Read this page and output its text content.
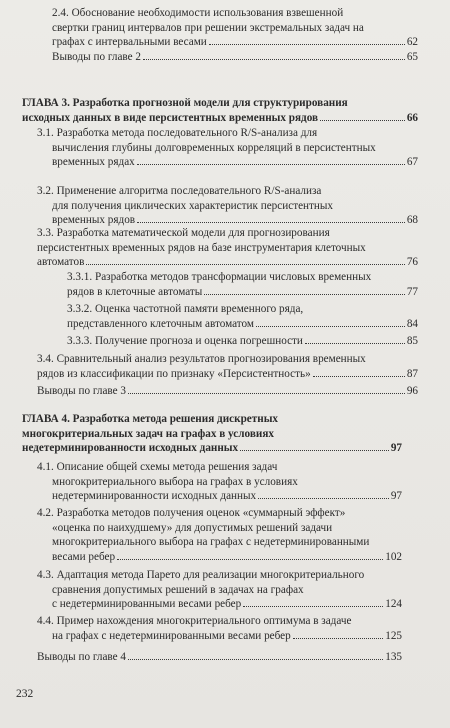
2.4. Обоснование необходимости использования взвешенной
свертки границ интервалов при решении экстремальных задач на
графах с интервальными весами	62
Выводы по главе 2	65
ГЛАВА 3. Разработка прогнозной модели для структурирования
исходных данных в виде персистентных временных рядов	66
3.1. Разработка метода последовательного R/S-анализа для
вычисления глубины долговременных корреляций в персистентных
временных рядах	67
3.2. Применение алгоритма последовательного R/S-анализа
для получения циклических характеристик персистентных
временных рядов	68
3.3. Разработка математической модели для прогнозирования
персистентных временных рядов на базе инструментария клеточных
автоматов	76
3.3.1. Разработка методов трансформации числовых временных
рядов в клеточные автоматы	77
3.3.2. Оценка частотной памяти временного ряда,
представленного клеточным автоматом	84
3.3.3. Получение прогноза и оценка погрешности	85
3.4. Сравнительный анализ результатов прогнозирования временных
рядов из классификации по признаку «Персистентность»	87
Выводы по главе 3	96
ГЛАВА 4. Разработка метода решения дискретных
многокритериальных задач на графах в условиях
недетерминированности исходных данных	97
4.1. Описание общей схемы метода решения задач
многокритериального выбора на графах в условиях
недетерминированности исходных данных	97
4.2. Разработка методов получения оценок «суммарный эффект»
«оценка по наихудшему» для допустимых решений задачи
многокритериального выбора на графах с недетерминированными
весами ребер	102
4.3. Адаптация метода Парето для реализации многокритериального
сравнения допустимых решений в задачах на графах
с недетерминированными весами ребер	124
4.4. Пример нахождения многокритериального оптимума в задаче
на графах с недетерминированными весами ребер	125
Выводы по главе 4	135
232
